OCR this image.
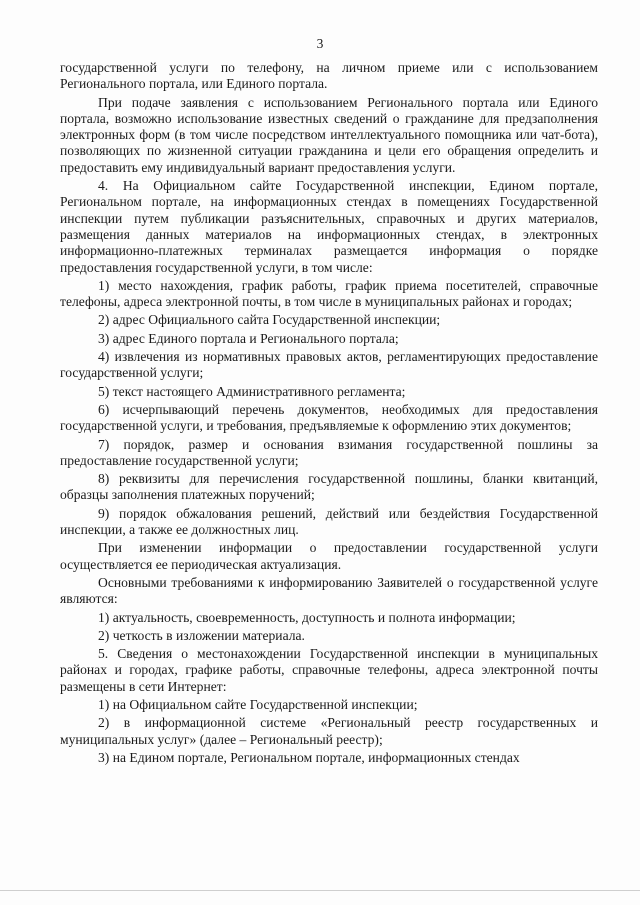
3

государственной услуги по телефону, на личном приеме или с использованием Регионального портала, или Единого портала.

При подаче заявления с использованием Регионального портала или Единого портала, возможно использование известных сведений о гражданине для предзаполнения электронных форм (в том числе посредством интеллектуального помощника или чат-бота), позволяющих по жизненной ситуации гражданина и цели его обращения определить и предоставить ему индивидуальный вариант предоставления услуги.

4. На Официальном сайте Государственной инспекции, Едином портале, Региональном портале, на информационных стендах в помещениях Государственной инспекции путем публикации разъяснительных, справочных и других материалов, размещения данных материалов на информационных стендах, в электронных информационно-платежных терминалах размещается информация о порядке предоставления государственной услуги, в том числе:

1) место нахождения, график работы, график приема посетителей, справочные телефоны, адреса электронной почты, в том числе в муниципальных районах и городах;

2) адрес Официального сайта Государственной инспекции;

3) адрес Единого портала и Регионального портала;

4) извлечения из нормативных правовых актов, регламентирующих предоставление государственной услуги;

5) текст настоящего Административного регламента;

6) исчерпывающий перечень документов, необходимых для предоставления государственной услуги, и требования, предъявляемые к оформлению этих документов;

7) порядок, размер и основания взимания государственной пошлины за предоставление государственной услуги;

8) реквизиты для перечисления государственной пошлины, бланки квитанций, образцы заполнения платежных поручений;

9) порядок обжалования решений, действий или бездействия Государственной инспекции, а также ее должностных лиц.

При изменении информации о предоставлении государственной услуги осуществляется ее периодическая актуализация.

Основными требованиями к информированию Заявителей о государственной услуге являются:

1) актуальность, своевременность, доступность и полнота информации;

2) четкость в изложении материала.

5. Сведения о местонахождении Государственной инспекции в муниципальных районах и городах, графике работы, справочные телефоны, адреса электронной почты размещены в сети Интернет:

1) на Официальном сайте Государственной инспекции;

2) в информационной системе «Региональный реестр государственных и муниципальных услуг» (далее – Региональный реестр);

3) на Едином портале, Региональном портале, информационных стендах
